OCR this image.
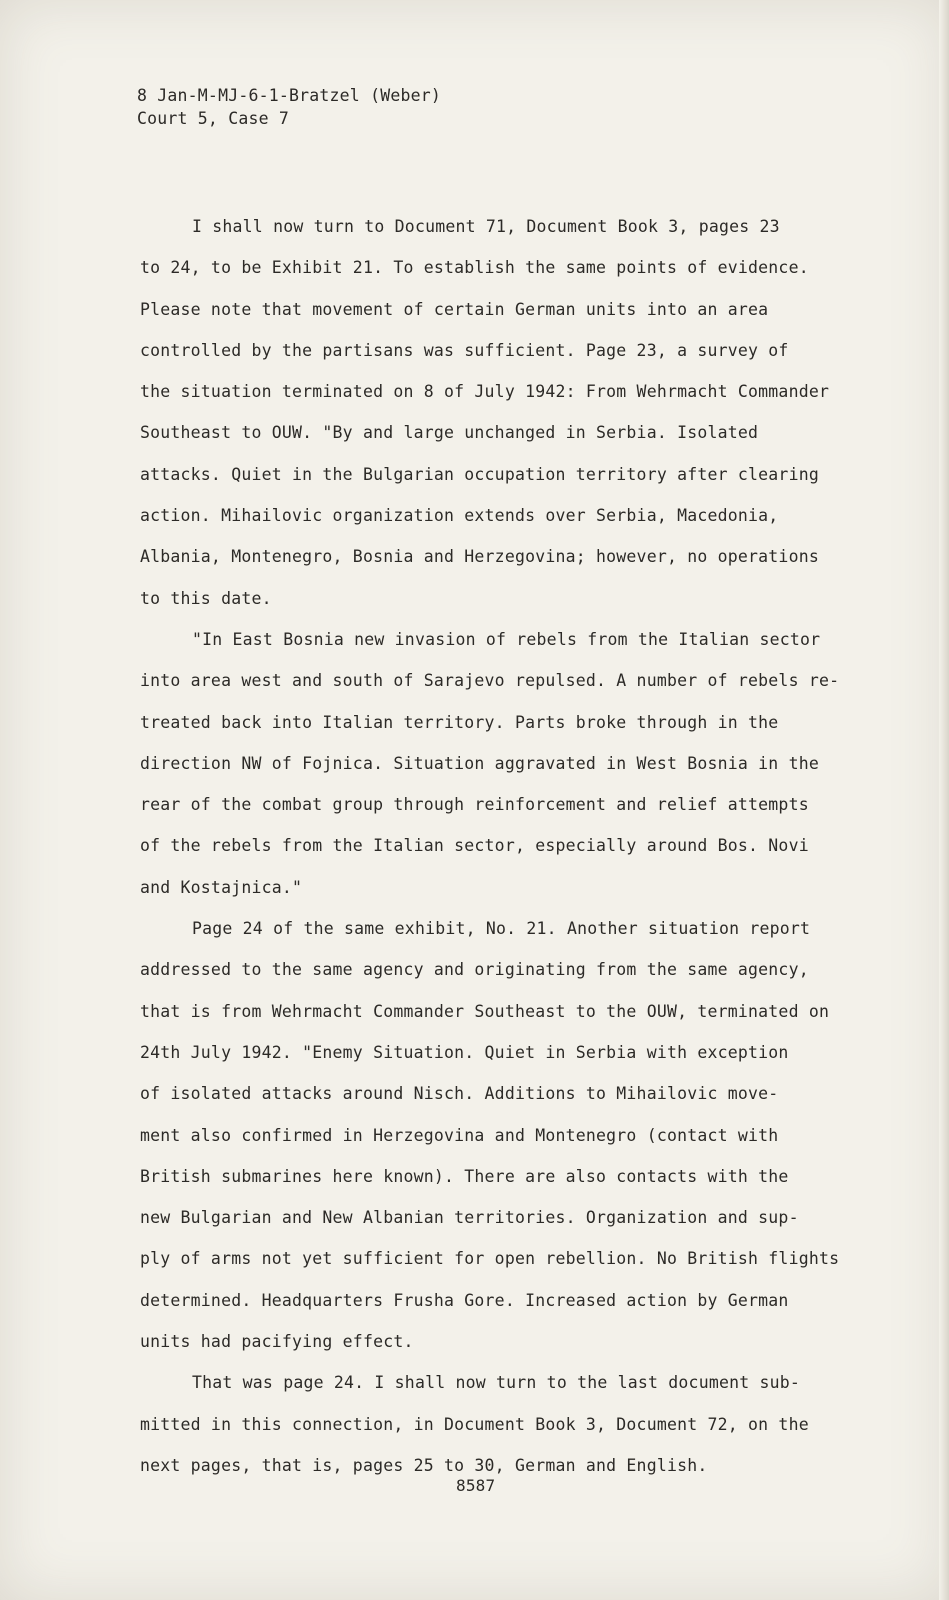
8 Jan-M-MJ-6-1-Bratzel (Weber)
Court 5, Case 7
I shall now turn to Document 71, Document Book 3, pages 23
to 24, to be Exhibit 21. To establish the same points of evidence.
Please note that movement of certain German units into an area
controlled by the partisans was sufficient. Page 23, a survey of
the situation terminated on 8 of July 1942: From Wehrmacht Commander
Southeast to OUW. "By and large unchanged in Serbia. Isolated
attacks. Quiet in the Bulgarian occupation territory after clearing
action. Mihailovic organization extends over Serbia, Macedonia,
Albania, Montenegro, Bosnia and Herzegovina; however, no operations
to this date.
"In East Bosnia new invasion of rebels from the Italian sector
into area west and south of Sarajevo repulsed. A number of rebels re-
treated back into Italian territory. Parts broke through in the
direction NW of Fojnica. Situation aggravated in West Bosnia in the
rear of the combat group through reinforcement and relief attempts
of the rebels from the Italian sector, especially around Bos. Novi
and Kostajnica."
Page 24 of the same exhibit, No. 21. Another situation report
addressed to the same agency and originating from the same agency,
that is from Wehrmacht Commander Southeast to the OUW, terminated on
24th July 1942. "Enemy Situation. Quiet in Serbia with exception
of isolated attacks around Nisch. Additions to Mihailovic move-
ment also confirmed in Herzegovina and Montenegro (contact with
British submarines here known). There are also contacts with the
new Bulgarian and New Albanian territories. Organization and sup-
ply of arms not yet sufficient for open rebellion. No British flights
determined. Headquarters Frusha Gore. Increased action by German
units had pacifying effect.
That was page 24. I shall now turn to the last document sub-
mitted in this connection, in Document Book 3, Document 72, on the
next pages, that is, pages 25 to 30, German and English.
8587
